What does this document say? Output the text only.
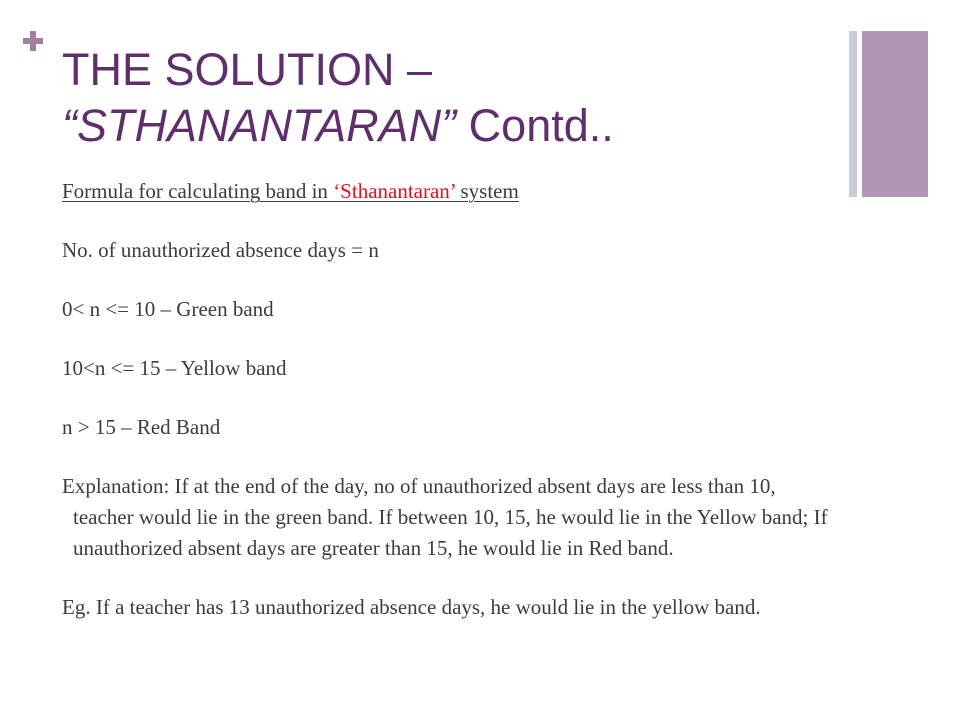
THE SOLUTION –
“STHANANTARAN” Contd..

Formula for calculating band in ‘Sthanantaran’ system

No. of unauthorized absence days = n

0< n <= 10 – Green band

10<n <= 15 – Yellow band

n > 15 – Red Band

Explanation: If at the end of the day, no of unauthorized absent days are less than 10, teacher would lie in the green band. If between 10, 15, he would lie in the Yellow band; If unauthorized absent days are greater than 15, he would lie in Red band.

Eg. If a teacher has 13 unauthorized absence days, he would lie in the yellow band.
